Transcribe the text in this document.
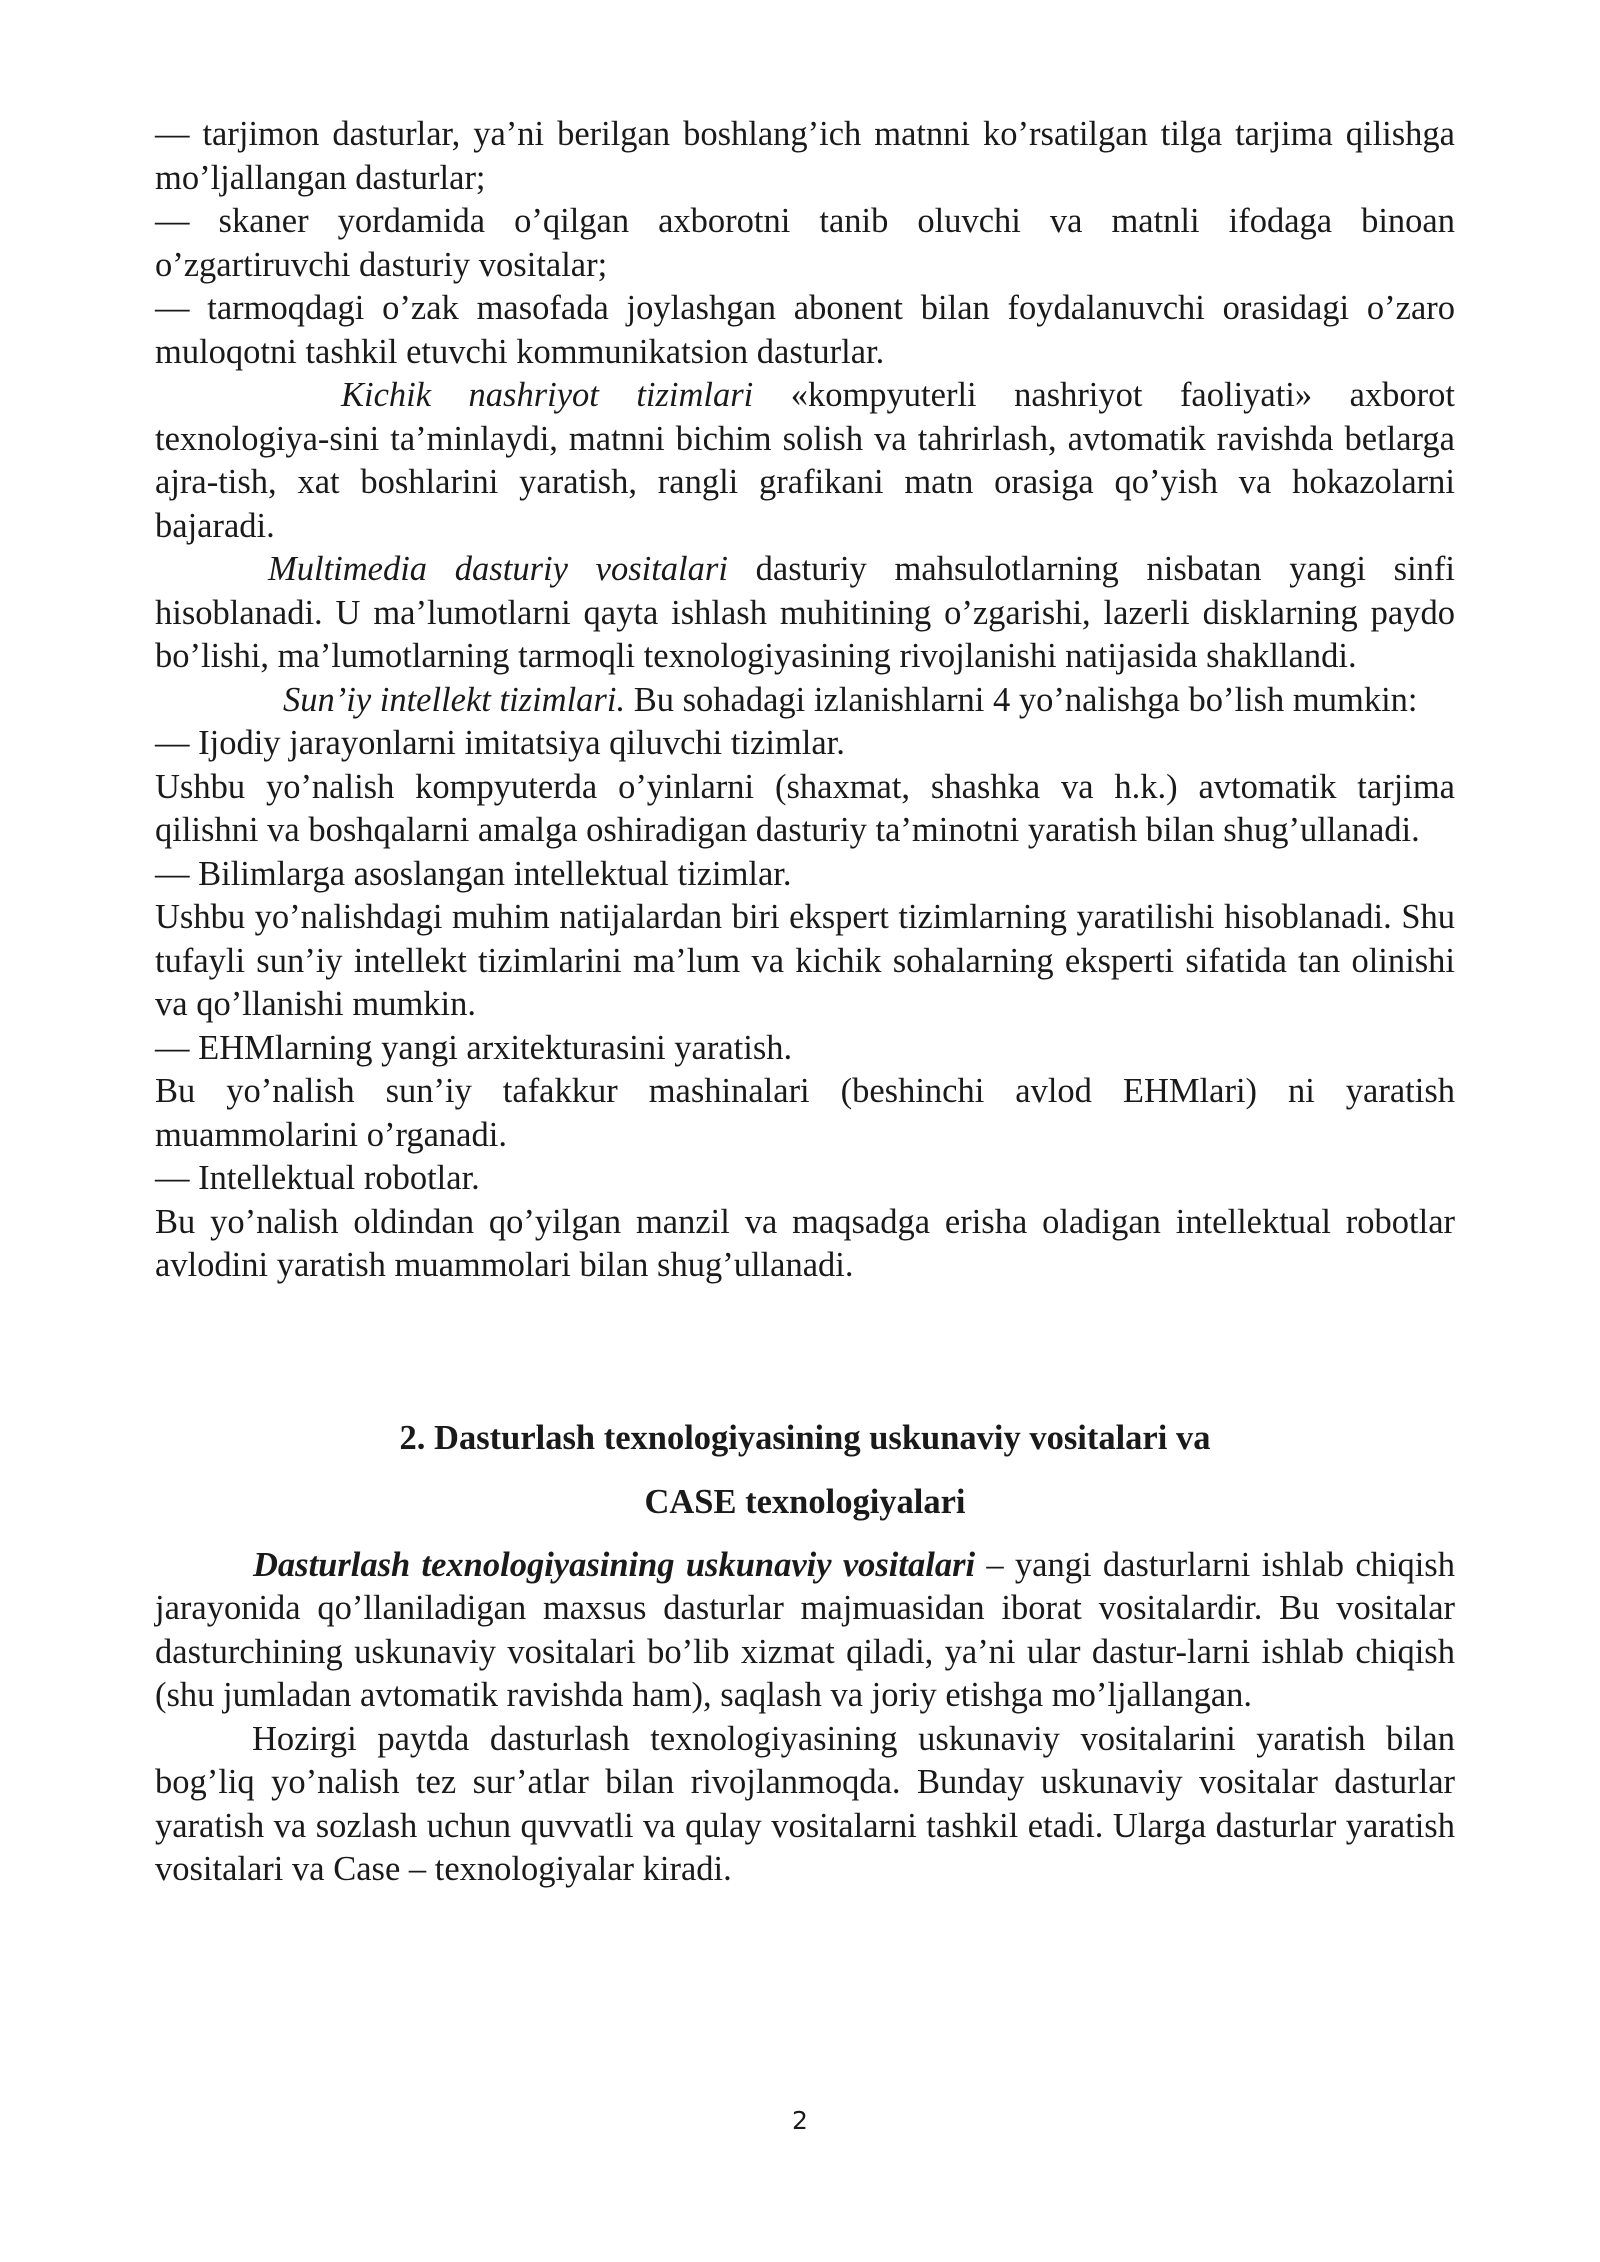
— tarjimon dasturlar, ya’ni berilgan boshlang’ich matnni ko’rsatilgan tilga tarjima qilishga mo’ljallangan dasturlar;

— skaner yordamida o’qilgan axborotni tanib oluvchi va matnli ifodaga binoan o’zgartiruvchi dasturiy vositalar;

— tarmoqdagi o’zak masofada joylashgan abonent bilan foydalanuvchi orasidagi o’zaro muloqotni tashkil etuvchi kommunikatsion dasturlar.

Kichik nashriyot tizimlari «kompyuterli nashriyot faoliyati» axborot texnologiya-sini ta’minlaydi, matnni bichim solish va tahrirlash, avtomatik ravishda betlarga ajra-tish, xat boshlarini yaratish, rangli grafikani matn orasiga qo’yish va hokazolarni bajaradi.

Multimedia dasturiy vositalari dasturiy mahsulotlarning nisbatan yangi sinfi hisoblanadi. U ma’lumotlarni qayta ishlash muhitining o’zgarishi, lazerli disklarning paydo bo’lishi, ma’lumotlarning tarmoqli texnologiyasining rivojlanishi natijasida shakllandi.

Sun’iy intellekt tizimlari. Bu sohadagi izlanishlarni 4 yo’nalishga bo’lish mumkin:

— Ijodiy jarayonlarni imitatsiya qiluvchi tizimlar.

Ushbu yo’nalish kompyuterda o’yinlarni (shaxmat, shashka va h.k.) avtomatik tarjima qilishni va boshqalarni amalga oshiradigan dasturiy ta’minotni yaratish bilan shug’ullanadi.

— Bilimlarga asoslangan intellektual tizimlar.

Ushbu yo’nalishdagi muhim natijalardan biri ekspert tizimlarning yaratilishi hisoblanadi. Shu tufayli sun’iy intellekt tizimlarini ma’lum va kichik sohalarning eksperti sifatida tan olinishi va qo’llanishi mumkin.

— EHMlarning yangi arxitekturasini yaratish.

Bu yo’nalish sun’iy tafakkur mashinalari (beshinchi avlod EHMlari) ni yaratish muammolarini o’rganadi.

— Intellektual robotlar.

Bu yo’nalish oldindan qo’yilgan manzil va maqsadga erisha oladigan intellektual robotlar avlodini yaratish muammolari bilan shug’ullanadi.

2. Dasturlash texnologiyasining uskunaviy vositalari va
CASE texnologiyalari

Dasturlash texnologiyasining uskunaviy vositalari – yangi dasturlarni ishlab chiqish jarayonida qo’llaniladigan maxsus dasturlar majmuasidan iborat vositalardir. Bu vositalar dasturchining uskunaviy vositalari bo’lib xizmat qiladi, ya’ni ular dastur-larni ishlab chiqish (shu jumladan avtomatik ravishda ham), saqlash va joriy etishga mo’ljallangan.

Hozirgi paytda dasturlash texnologiyasining uskunaviy vositalarini yaratish bilan bog’liq yo’nalish tez sur’atlar bilan rivojlanmoqda. Bunday uskunaviy vositalar dasturlar yaratish va sozlash uchun quvvatli va qulay vositalarni tashkil etadi. Ularga dasturlar yaratish vositalari va Case – texnologiyalar kiradi.

2
